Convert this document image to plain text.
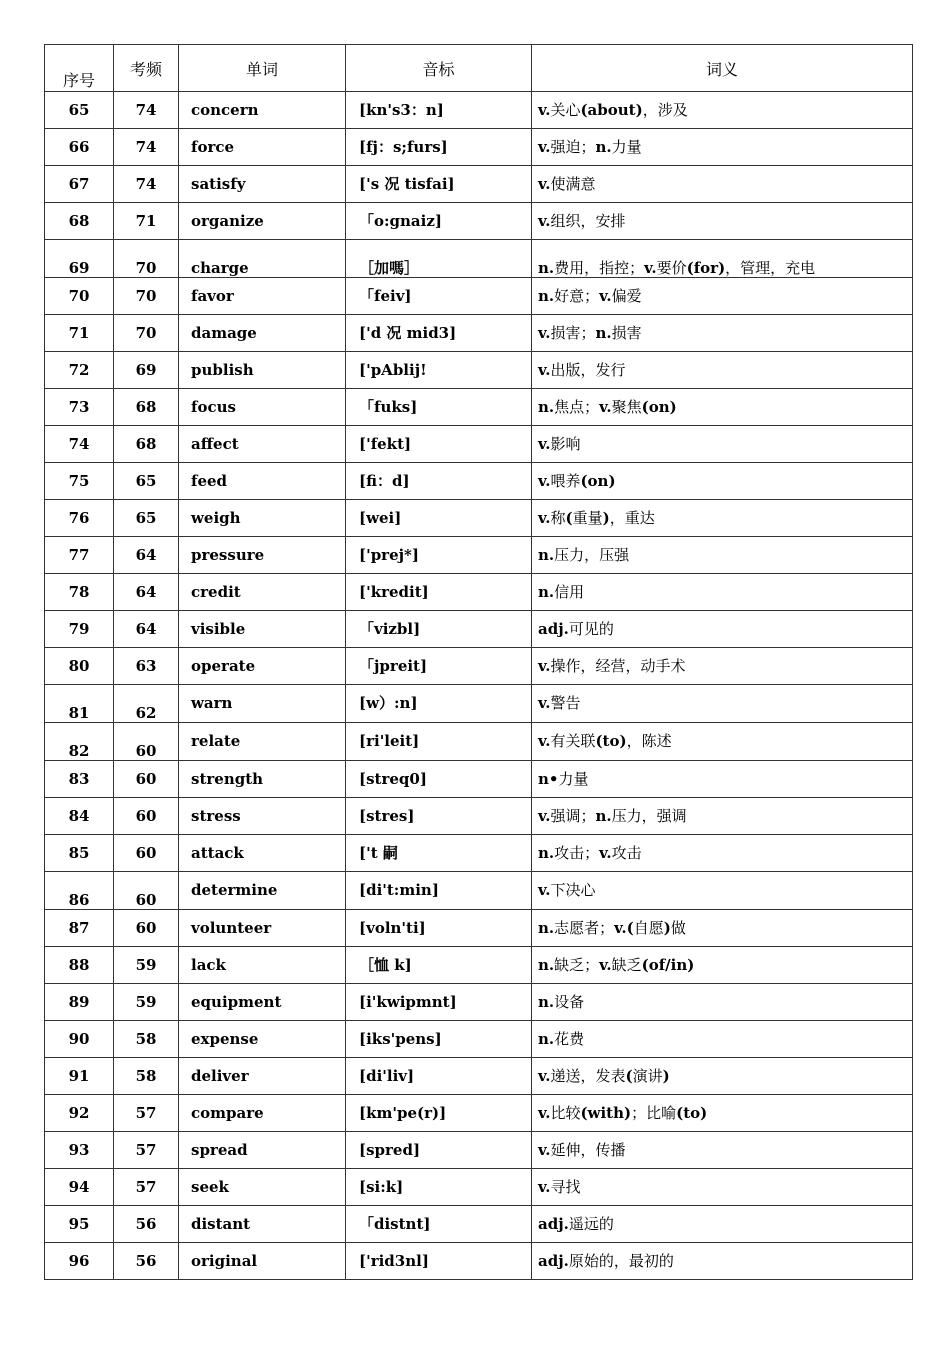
序号	考频	单词	音标	词义
65	74	concern	[kn's3：n]	v.关心(about)，涉及
66	74	force	[fj：s;furs]	v.强迫；n.力量
67	74	satisfy	['s 况 tisfai]	v.使满意
68	71	organize	「o:gnaiz]	v.组织，安排
69	70	charge	［加嗎］	n.费用，指控；v.要价(for)，管理，充电
70	70	favor	「feiv]	n.好意；v.偏爱
71	70	damage	['d 况 mid3]	v.损害；n.损害
72	69	publish	['pAblij!	v.出版，发行
73	68	focus	「fuks]	n.焦点；v.聚焦(on)
74	68	affect	['fekt]	v.影响
75	65	feed	[fi：d]	v.喂养(on)
76	65	weigh	[wei]	v.称(重量)，重达
77	64	pressure	['prej*]	n.压力，压强
78	64	credit	['kredit]	n.信用
79	64	visible	「vizbl]	adj.可见的
80	63	operate	「jpreit]	v.操作，经营，动手术
81	62	warn	[w）:n]	v.警告
82	60	relate	[ri'leit]	v.有关联(to)，陈述
83	60	strength	[streq0]	n•力量
84	60	stress	[stres]	v.强调；n.压力，强调
85	60	attack	['t 嗣	n.攻击；v.攻击
86	60	determine	[di't:min]	v.下决心
87	60	volunteer	[voln'ti]	n.志愿者；v.(自愿)做
88	59	lack	［恤 k]	n.缺乏；v.缺乏(of/in)
89	59	equipment	[i'kwipmnt]	n.设备
90	58	expense	[iks'pens]	n.花费
91	58	deliver	[di'liv]	v.递送，发表(演讲)
92	57	compare	[km'pe(r)]	v.比较(with)；比喻(to)
93	57	spread	[spred]	v.延伸，传播
94	57	seek	[si:k]	v.寻找
95	56	distant	「distnt]	adj.遥远的
96	56	original	['rid3nl]	adj.原始的，最初的
